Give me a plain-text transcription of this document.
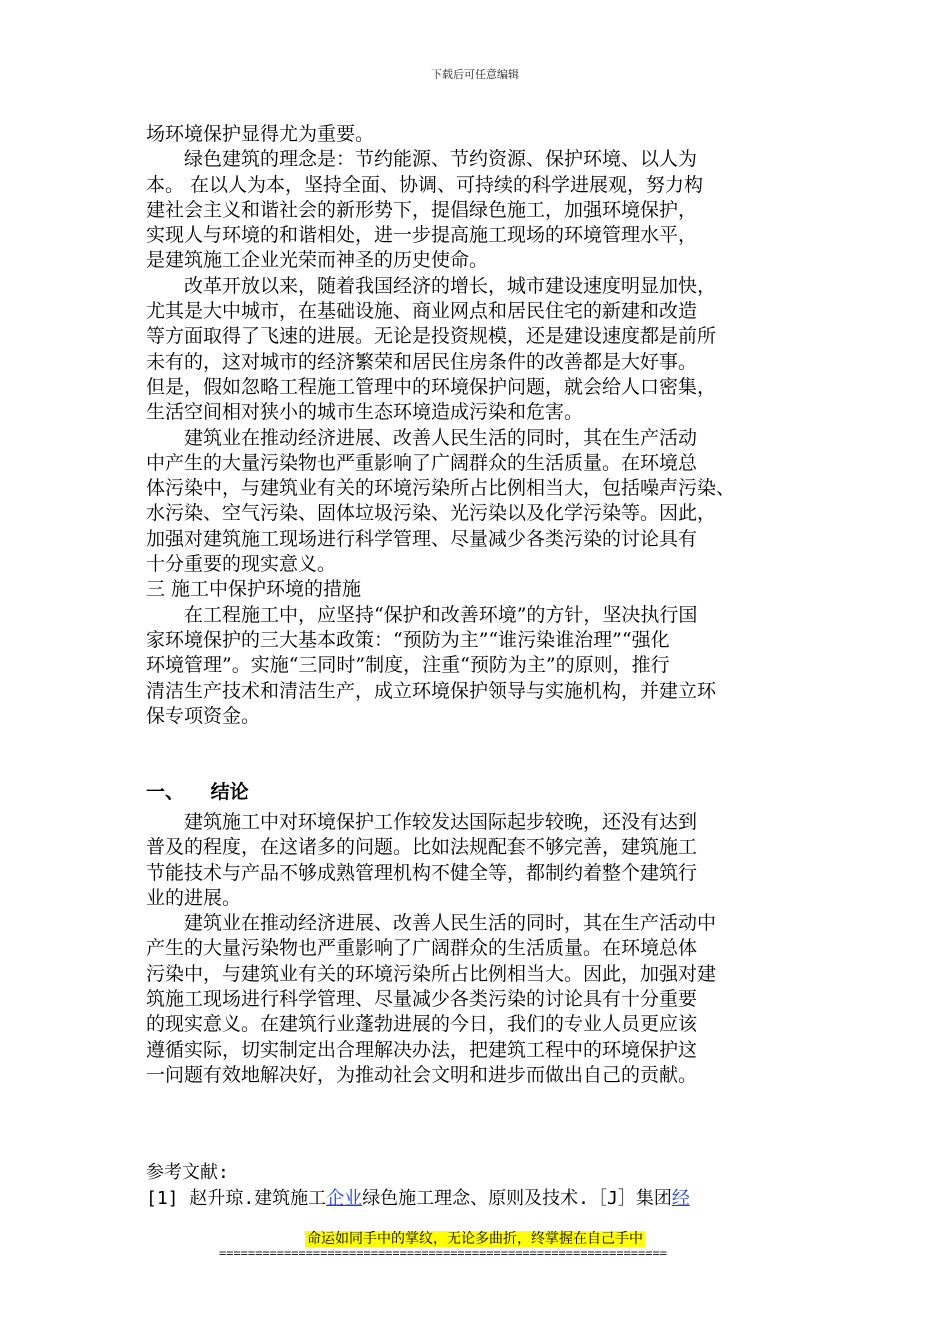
下载后可任意编辑
场环境保护显得尤为重要。
　　绿色建筑的理念是：节约能源、节约资源、保护环境、以人为
本。 在以人为本，坚持全面、协调、可持续的科学进展观，努力构
建社会主义和谐社会的新形势下，提倡绿色施工，加强环境保护，
实现人与环境的和谐相处，进一步提高施工现场的环境管理水平，
是建筑施工企业光荣而神圣的历史使命。
　　改革开放以来，随着我国经济的增长，城市建设速度明显加快，
尤其是大中城市，在基础设施、商业网点和居民住宅的新建和改造
等方面取得了飞速的进展。无论是投资规模，还是建设速度都是前所
未有的，这对城市的经济繁荣和居民住房条件的改善都是大好事。
但是，假如忽略工程施工管理中的环境保护问题，就会给人口密集，
生活空间相对狭小的城市生态环境造成污染和危害。
　　建筑业在推动经济进展、改善人民生活的同时，其在生产活动
中产生的大量污染物也严重影响了广阔群众的生活质量。在环境总
体污染中，与建筑业有关的环境污染所占比例相当大，包括噪声污染、
水污染、空气污染、固体垃圾污染、光污染以及化学污染等。因此，
加强对建筑施工现场进行科学管理、尽量减少各类污染的讨论具有
十分重要的现实意义。
三 施工中保护环境的措施
　　在工程施工中，应坚持“保护和改善环境”的方针，坚决执行国
家环境保护的三大基本政策：“预防为主”“谁污染谁治理”“强化
环境管理”。实施“三同时”制度，注重“预防为主”的原则，推行
清洁生产技术和清洁生产，成立环境保护领导与实施机构，并建立环
保专项资金。
一、 结论
　　建筑施工中对环境保护工作较发达国际起步较晚，还没有达到
普及的程度，在这诸多的问题。比如法规配套不够完善，建筑施工
节能技术与产品不够成熟管理机构不健全等，都制约着整个建筑行
业的进展。
　　建筑业在推动经济进展、改善人民生活的同时，其在生产活动中
产生的大量污染物也严重影响了广阔群众的生活质量。在环境总体
污染中，与建筑业有关的环境污染所占比例相当大。因此，加强对建
筑施工现场进行科学管理、尽量减少各类污染的讨论具有十分重要
的现实意义。在建筑行业蓬勃进展的今日，我们的专业人员更应该
遵循实际，切实制定出合理解决办法，把建筑工程中的环境保护这
一问题有效地解决好，为推动社会文明和进步而做出自己的贡献。
参考文献:
[1] 赵升琼.建筑施工企业绿色施工理念、原则及技术.［J］集团经
命运如同手中的掌纹，无论多曲折，终掌握在自己手中
==============================================================
